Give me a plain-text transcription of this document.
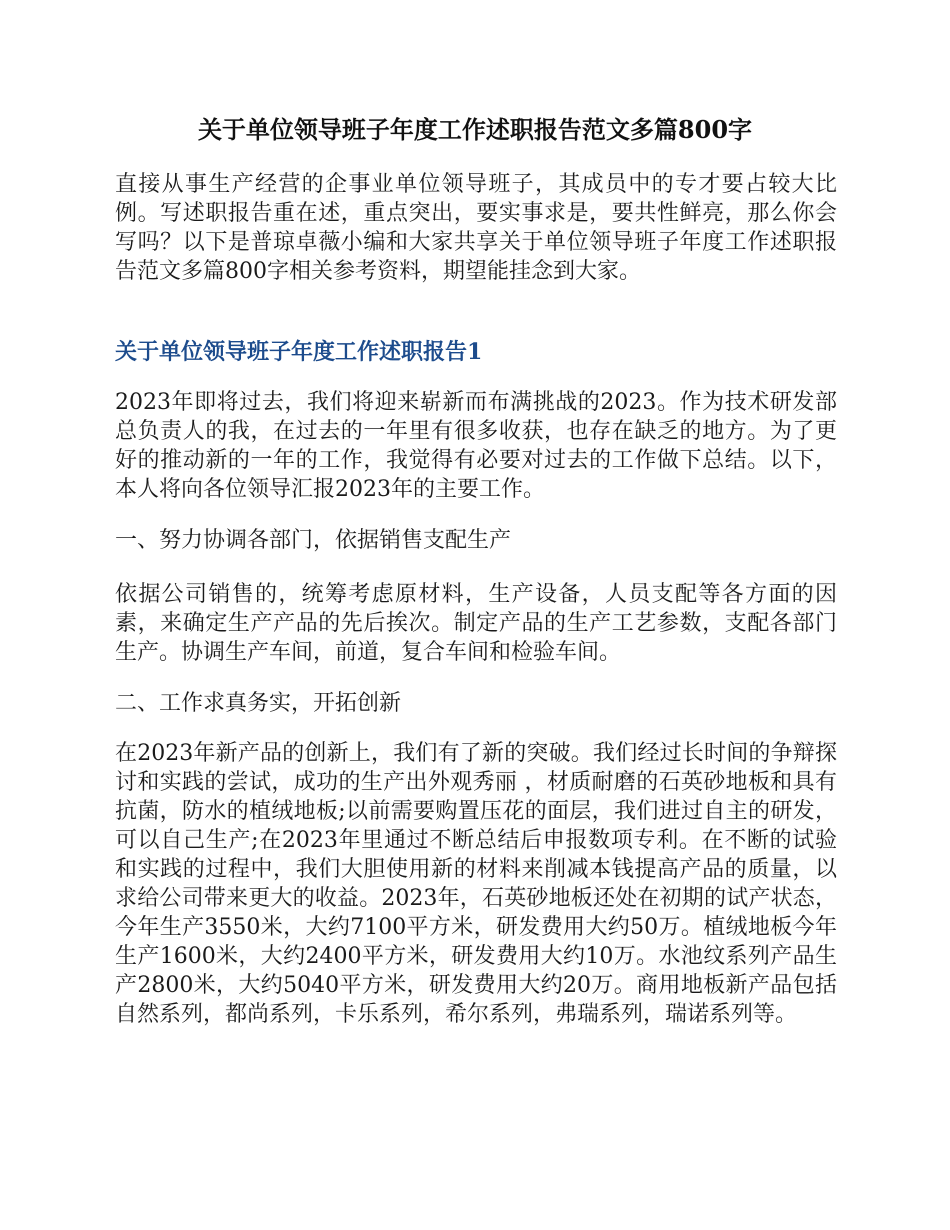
关于单位领导班子年度工作述职报告范文多篇800字

直接从事生产经营的企事业单位领导班子，其成员中的专才要占较大比例。写述职报告重在述，重点突出，要实事求是，要共性鲜亮，那么你会写吗？以下是普琼卓薇小编和大家共享关于单位领导班子年度工作述职报告范文多篇800字相关参考资料，期望能挂念到大家。

关于单位领导班子年度工作述职报告1

2023年即将过去，我们将迎来崭新而布满挑战的2023。作为技术研发部总负责人的我，在过去的一年里有很多收获，也存在缺乏的地方。为了更好的推动新的一年的工作，我觉得有必要对过去的工作做下总结。以下，本人将向各位领导汇报2023年的主要工作。

一、努力协调各部门，依据销售支配生产

依据公司销售的，统筹考虑原材料，生产设备，人员支配等各方面的因素，来确定生产产品的先后挨次。制定产品的生产工艺参数，支配各部门生产。协调生产车间，前道，复合车间和检验车间。

二、工作求真务实，开拓创新

在2023年新产品的创新上，我们有了新的突破。我们经过长时间的争辩探讨和实践的尝试，成功的生产出外观秀丽 ，材质耐磨的石英砂地板和具有抗菌，防水的植绒地板;以前需要购置压花的面层，我们进过自主的研发，可以自己生产;在2023年里通过不断总结后申报数项专利。在不断的试验和实践的过程中，我们大胆使用新的材料来削减本钱提高产品的质量，以求给公司带来更大的收益。2023年，石英砂地板还处在初期的试产状态，今年生产3550米，大约7100平方米，研发费用大约50万。植绒地板今年生产1600米，大约2400平方米，研发费用大约10万。水池纹系列产品生产2800米，大约5040平方米，研发费用大约20万。商用地板新产品包括自然系列，都尚系列，卡乐系列，希尔系列，弗瑞系列，瑞诺系列等。
